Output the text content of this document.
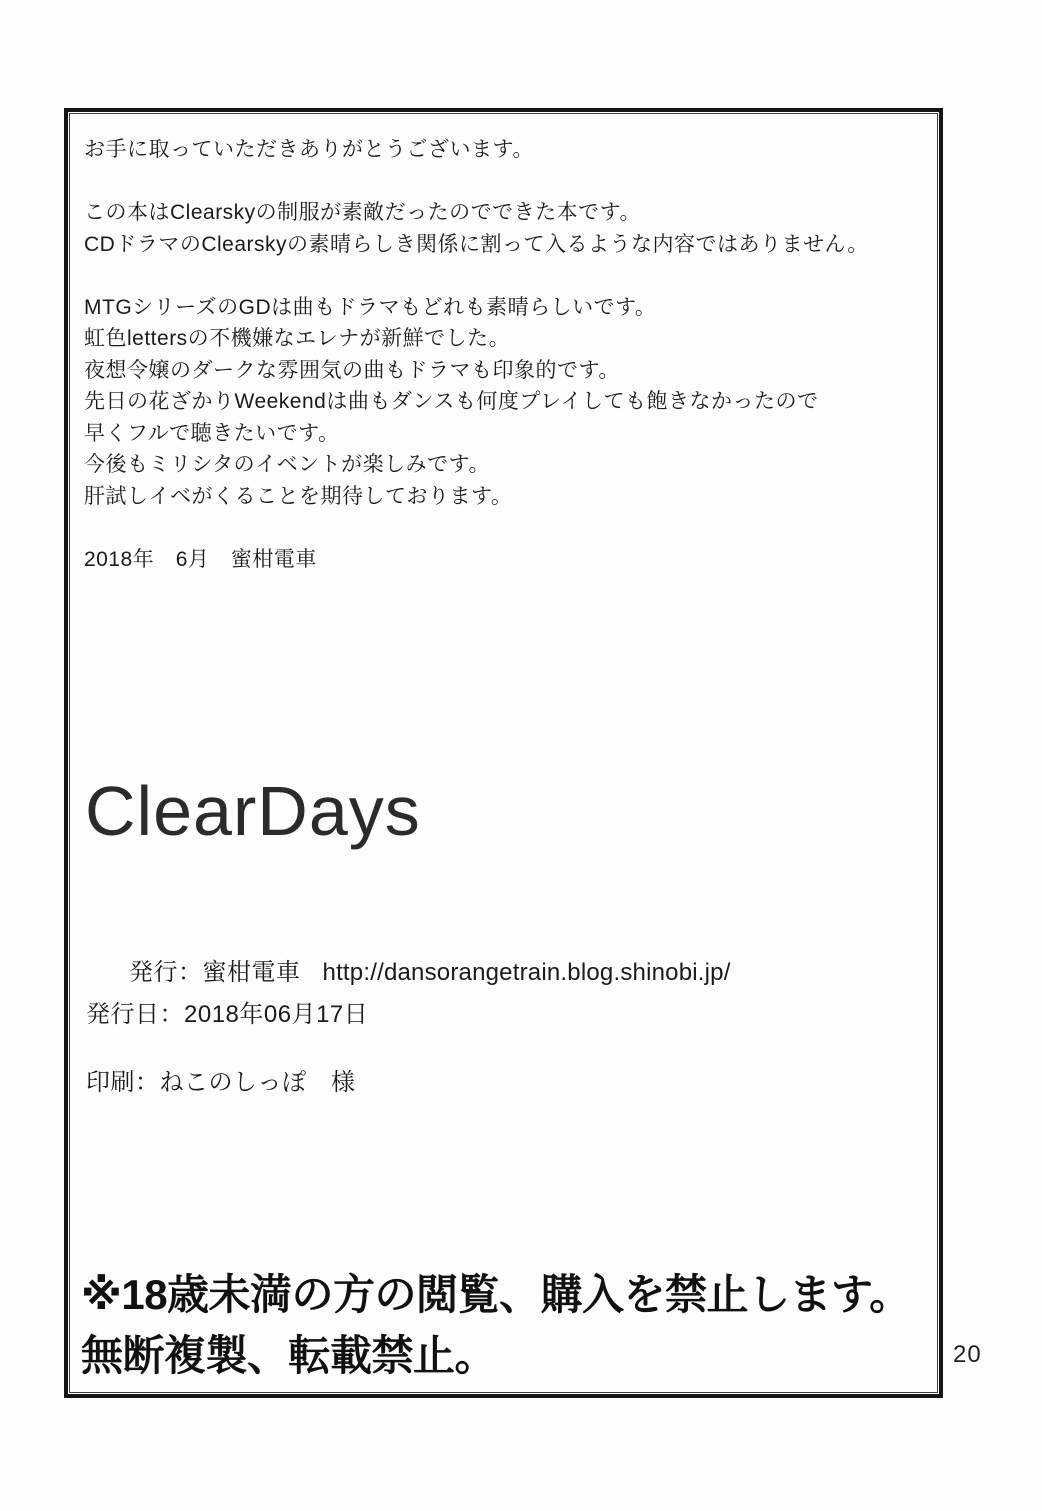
お手に取っていただきありがとうございます。
この本はClearskyの制服が素敵だったのでできた本です。
CDドラマのClearskyの素晴らしき関係に割って入るような内容ではありません。
MTGシリーズのGDは曲もドラマもどれも素晴らしいです。
虹色lettersの不機嫌なエレナが新鮮でした。
夜想令嬢のダークな雰囲気の曲もドラマも印象的です。
先日の花ざかりWeekendは曲もダンスも何度プレイしても飽きなかったので
早くフルで聴きたいです。
今後もミリシタのイベントが楽しみです。
肝試しイベがくることを期待しております。
2018年　6月　蜜柑電車
ClearDays

発行：蜜柑電車 http://dansorangetrain.blog.shinobi.jp/

発行日：2018年06月17日
印刷：ねこのしっぽ　様
※18歳未満の方の閲覧、購入を禁止します。
無断複製、転載禁止。	20
